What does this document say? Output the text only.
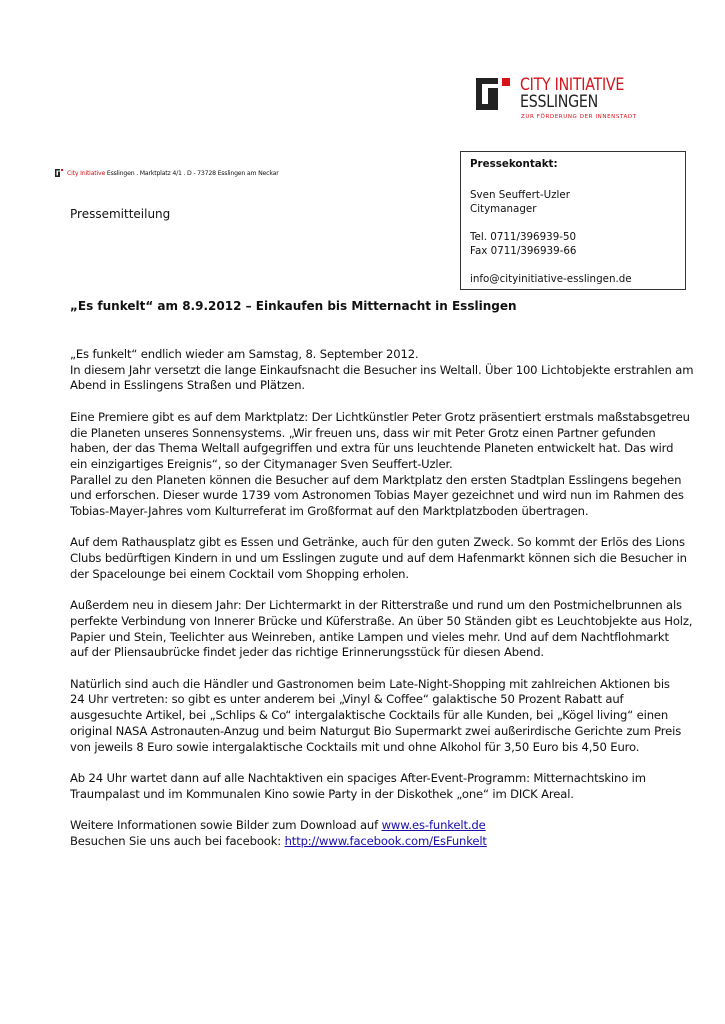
CITY INITIATIVE
ESSLINGEN
ZUR FÖRDERUNG DER INNENSTADT
City Initiative Esslingen . Marktplatz 4/1 . D - 73728 Esslingen am Neckar
Pressekontakt:
Sven Seuffert-Uzler
Citymanager
Tel. 0711/396939-50
Fax 0711/396939-66
info@cityinitiative-esslingen.de
Pressemitteilung
„Es funkelt“ am 8.9.2012 – Einkaufen bis Mitternacht in Esslingen

„Es funkelt“ endlich wieder am Samstag, 8. September 2012.
In diesem Jahr versetzt die lange Einkaufsnacht die Besucher ins Weltall. Über 100 Lichtobjekte erstrahlen am
Abend in Esslingens Straßen und Plätzen.

Eine Premiere gibt es auf dem Marktplatz: Der Lichtkünstler Peter Grotz präsentiert erstmals maßstabsgetreu
die Planeten unseres Sonnensystems. „Wir freuen uns, dass wir mit Peter Grotz einen Partner gefunden
haben, der das Thema Weltall aufgegriffen und extra für uns leuchtende Planeten entwickelt hat. Das wird
ein einzigartiges Ereignis“, so der Citymanager Sven Seuffert-Uzler.
Parallel zu den Planeten können die Besucher auf dem Marktplatz den ersten Stadtplan Esslingens begehen
und erforschen. Dieser wurde 1739 vom Astronomen Tobias Mayer gezeichnet und wird nun im Rahmen des
Tobias-Mayer-Jahres vom Kulturreferat im Großformat auf den Marktplatzboden übertragen.

Auf dem Rathausplatz gibt es Essen und Getränke, auch für den guten Zweck. So kommt der Erlös des Lions
Clubs bedürftigen Kindern in und um Esslingen zugute und auf dem Hafenmarkt können sich die Besucher in
der Spacelounge bei einem Cocktail vom Shopping erholen.

Außerdem neu in diesem Jahr: Der Lichtermarkt in der Ritterstraße und rund um den Postmichelbrunnen als
perfekte Verbindung von Innerer Brücke und Küferstraße. An über 50 Ständen gibt es Leuchtobjekte aus Holz,
Papier und Stein, Teelichter aus Weinreben, antike Lampen und vieles mehr. Und auf dem Nachtflohmarkt
auf der Pliensaubrücke findet jeder das richtige Erinnerungsstück für diesen Abend.

Natürlich sind auch die Händler und Gastronomen beim Late-Night-Shopping mit zahlreichen Aktionen bis
24 Uhr vertreten: so gibt es unter anderem bei „Vinyl & Coffee“ galaktische 50 Prozent Rabatt auf
ausgesuchte Artikel, bei „Schlips & Co“ intergalaktische Cocktails für alle Kunden, bei „Kögel living“ einen
original NASA Astronauten-Anzug und beim Naturgut Bio Supermarkt zwei außerirdische Gerichte zum Preis
von jeweils 8 Euro sowie intergalaktische Cocktails mit und ohne Alkohol für 3,50 Euro bis 4,50 Euro.

Ab 24 Uhr wartet dann auf alle Nachtaktiven ein spaciges After-Event-Programm: Mitternachtskino im
Traumpalast und im Kommunalen Kino sowie Party in der Diskothek „one“ im DICK Areal.

Weitere Informationen sowie Bilder zum Download auf www.es-funkelt.de
Besuchen Sie uns auch bei facebook: http://www.facebook.com/EsFunkelt
